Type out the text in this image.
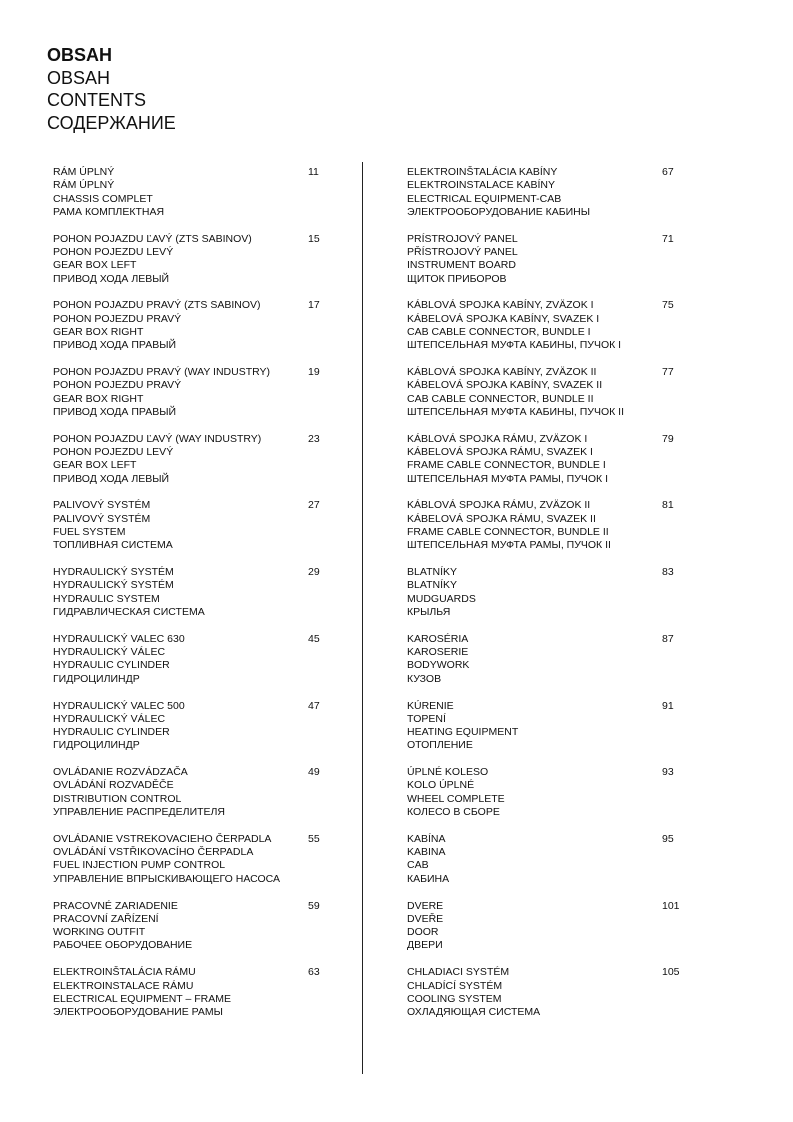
OBSAH
OBSAH
CONTENTS
СОДЕРЖАНИЕ
RÁM ÚPLNÝ
RÁM ÚPLNÝ
CHASSIS COMPLET
РАМА КОМПЛЕКТНАЯ
11
POHON POJAZDU ĽAVÝ (ZTS SABINOV)
POHON POJEZDU LEVÝ
GEAR BOX LEFT
ПРИВОД ХОДА ЛЕВЫЙ
15
POHON POJAZDU PRAVÝ (ZTS SABINOV)
POHON POJEZDU PRAVÝ
GEAR BOX RIGHT
ПРИВОД ХОДА ПРАВЫЙ
17
POHON POJAZDU PRAVÝ (WAY INDUSTRY)
POHON POJEZDU PRAVÝ
GEAR BOX RIGHT
ПРИВОД ХОДА ПРАВЫЙ
19
POHON POJAZDU ĽAVÝ (WAY INDUSTRY)
POHON POJEZDU LEVÝ
GEAR BOX LEFT
ПРИВОД ХОДА ЛЕВЫЙ
23
PALIVOVÝ SYSTÉM
PALIVOVÝ SYSTÉM
FUEL SYSTEM
ТОПЛИВНАЯ СИСТЕМА
27
HYDRAULICKÝ SYSTÉM
HYDRAULICKÝ SYSTÉM
HYDRAULIC SYSTEM
ГИДРАВЛИЧЕСКАЯ СИСТЕМА
29
HYDRAULICKÝ VALEC 630
HYDRAULICKÝ VÁLEC
HYDRAULIC CYLINDER
ГИДРОЦИЛИНДР
45
HYDRAULICKÝ VALEC 500
HYDRAULICKÝ VÁLEC
HYDRAULIC CYLINDER
ГИДРОЦИЛИНДР
47
OVLÁDANIE ROZVÁDZAČA
OVLÁDÁNÍ ROZVADĚČE
DISTRIBUTION CONTROL
УПРАВЛЕНИЕ РАСПРЕДЕЛИТЕЛЯ
49
OVLÁDANIE VSTREKOVACIEHO ČERPADLA
OVLÁDÁNÍ VSTŘIKOVACÍHO ČERPADLA
FUEL INJECTION PUMP CONTROL
УПРАВЛЕНИЕ ВПРЫСКИВАЮЩЕГО НАСОСА
55
PRACOVNÉ ZARIADENIE
PRACOVNÍ ZAŘÍZENÍ
WORKING OUTFIT
РАБОЧЕЕ ОБОРУДОВАНИЕ
59
ELEKTROINŠTALÁCIA RÁMU
ELEKTROINSTALACE RÁMU
ELECTRICAL EQUIPMENT – FRAME
ЭЛЕКТРООБОРУДОВАНИЕ РАМЫ
63
ELEKTROINŠTALÁCIA KABÍNY
ELEKTROINSTALACE KABÍNY
ELECTRICAL EQUIPMENT-CAB
ЭЛЕКТРООБОРУДОВАНИЕ КАБИНЫ
67
PRÍSTROJOVÝ PANEL
PŘÍSTROJOVÝ PANEL
INSTRUMENT BOARD
ЩИТОК ПРИБОРОВ
71
KÁBLOVÁ SPOJKA KABÍNY, ZVÄZOK I
KÁBELOVÁ SPOJKA KABÍNY, SVAZEK I
CAB CABLE CONNECTOR, BUNDLE I
ШТЕПСЕЛЬНАЯ МУФТА КАБИНЫ, ПУЧОК I
75
KÁBLOVÁ SPOJKA KABÍNY, ZVÄZOK II
KÁBELOVÁ SPOJKA KABÍNY, SVAZEK II
CAB CABLE CONNECTOR, BUNDLE II
ШТЕПСЕЛЬНАЯ МУФТА КАБИНЫ, ПУЧОК II
77
KÁBLOVÁ SPOJKA RÁMU, ZVÄZOK I
KÁBELOVÁ SPOJKA RÁMU, SVAZEK I
FRAME CABLE CONNECTOR, BUNDLE I
ШТЕПСЕЛЬНАЯ МУФТА РАМЫ, ПУЧОК I
79
KÁBLOVÁ SPOJKA RÁMU, ZVÄZOK II
KÁBELOVÁ SPOJKA RÁMU, SVAZEK II
FRAME CABLE CONNECTOR, BUNDLE II
ШТЕПСЕЛЬНАЯ МУФТА РАМЫ, ПУЧОК II
81
BLATNÍKY
BLATNÍKY
MUDGUARDS
КРЫЛЬЯ
83
KAROSÉRIA
KAROSERIE
BODYWORK
КУЗОВ
87
KÚRENIE
TOPENÍ
HEATING EQUIPMENT
ОТОПЛЕНИЕ
91
ÚPLNÉ KOLESO
KOLO ÚPLNÉ
WHEEL COMPLETE
КОЛЕСО В СБОРЕ
93
KABÍNA
KABINA
CAB
КАБИНА
95
DVERE
DVEŘE
DOOR
ДВЕРИ
101
CHLADIACI SYSTÉM
CHLADÍCÍ SYSTÉM
COOLING SYSTEM
ОХЛАДЯЮЩАЯ СИСТЕМА
105
